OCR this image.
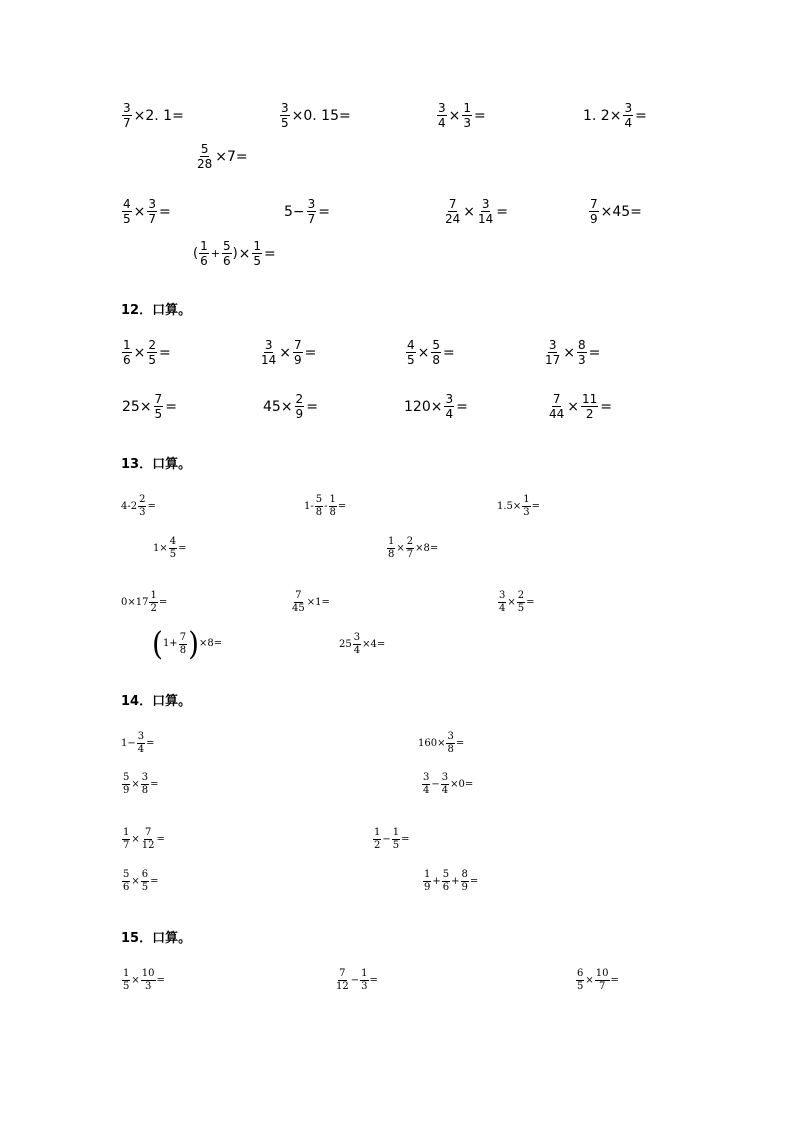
$\frac{3}{7} \times 2$. 1=	$\frac{3}{5} \times 0$. 15=	$\frac{3}{4} \times \frac{1}{3}$ =	1. $2\times \frac{3}{4}$ =
$\frac{5}{28} \times 7=$
$\frac{4}{5} \times \frac{3}{7}$ =	$5- \frac{3}{7}$ =	$\frac{7}{24} \times \frac{3}{14}$ =	$\frac{7}{9} \times 45=$
( $\frac{1}{6} + \frac{5}{6}$ ) × $\frac{1}{5}$ =
12．口算。
$\frac{1}{6} \times \frac{2}{5}$ =	$\frac{3}{14} \times \frac{7}{9}$ =	$\frac{4}{5} \times \frac{5}{8}$ =	$\frac{3}{17} \times \frac{8}{3}$ =
$25\times \frac{7}{5}$ =	$45\times \frac{2}{9}$ =	$120\times \frac{3}{4}$ =	$\frac{7}{44} \times \frac{11}{2}$ =
13．口算。
$4-2 \frac{2}{3}$ =	$1- \frac{5}{8} - \frac{1}{8}$ =	$1.5\times \frac{1}{3}$ =
$1\times \frac{4}{5}$ =	$\frac{1}{8} \times \frac{2}{7} \times 8=$
$0\times 17 \frac{1}{2}$ =	$\frac{7}{45} \times 1=$	$\frac{3}{4} \times \frac{2}{5}$ =
( $1+ \frac{7}{8}$ ) ×8=	$25 \frac{3}{4} \times 4=$
14．口算。
$1- \frac{3}{4}$ =	$160\times \frac{3}{8}$ =
$\frac{5}{9} \times \frac{3}{8}$ =	$\frac{3}{4} - \frac{3}{4} \times 0=$
$\frac{1}{7} \times \frac{7}{12}$ =	$\frac{1}{2} - \frac{1}{5}$ =
$\frac{5}{6} \times \frac{6}{5}$ =	$\frac{1}{9} + \frac{5}{6} + \frac{8}{9}$ =
15．口算。
$\frac{1}{5} \times \frac{10}{3}$ =	$\frac{7}{12} - \frac{1}{3}$ =	$\frac{6}{5} \times \frac{10}{7}$ =
